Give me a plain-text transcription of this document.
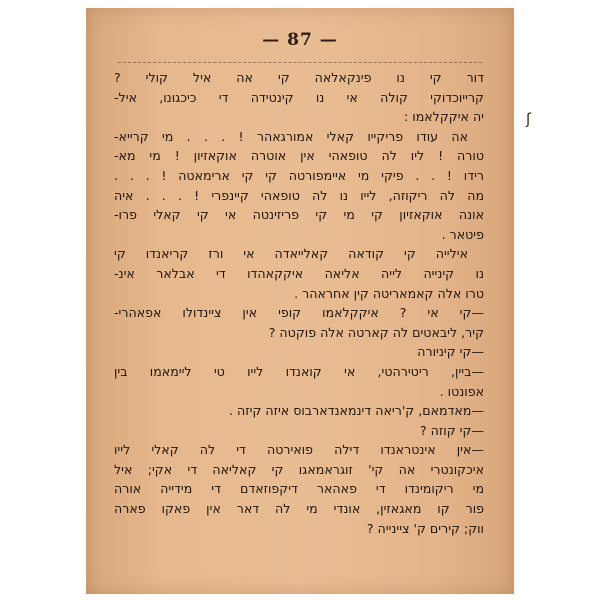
— 87 —
ʃ
דור קי נו פינקאלאה קי אה איל קולי ?
קרייוכדוקי קולה אי נו קינטידה די כיכגונו, איל-
יה איקקלאמו :
אה עודו פריקייו קאלי אמורגאהר ! . . . מי קרייא-
טורה ! ליו לה טופאהי אין אוטרה אוקאזיון ! מי מא-
רידו ! . . פיקי מי איימפורטה קי קי ארימאטה ! . . .
מה לה ריקוזה, לייו נו לה טופאהי קיינפרי ! . . . איה
אונה אוקאזיון קי מי קי פריזינטה אי קי קאלי פרו-
פיטאר .
אילייה קי קודאה קאלייאדה אי ורז קריאנדו קי
נו קינייה לייה אליאה איקקאהדו די אבלאר אינ-
טרו אלה קאמאריטה קין אחראהר .
—קי אי ? איקקלאמו קופי אין ציינדולו אפאהרי-
קיר, ליבאטים לה קארטה אלה פוקטה ?
—קי קיניורה
—ביין, ריטירהטי, אי קואנדו לייו טי ליימאמו בין
אפונטו .
—מאדמאם, ק'ריאה דינמאנדארבוס איזה קיזה .
—קי קוזה ?
—אין אינטראנדו דילה פואירטה די לה קאלי לייו
איכקונטרי אה קי' זוגראמאגו קי קאליאה די אקי; איל
מי ריקומינדו די פאהאר דיקפוזאדם די מידייה אורה
פור קו מאגאזין, אונדי מי לה דאר אין פאקו פארה
ווק; קירים ק' ציינייה ?
